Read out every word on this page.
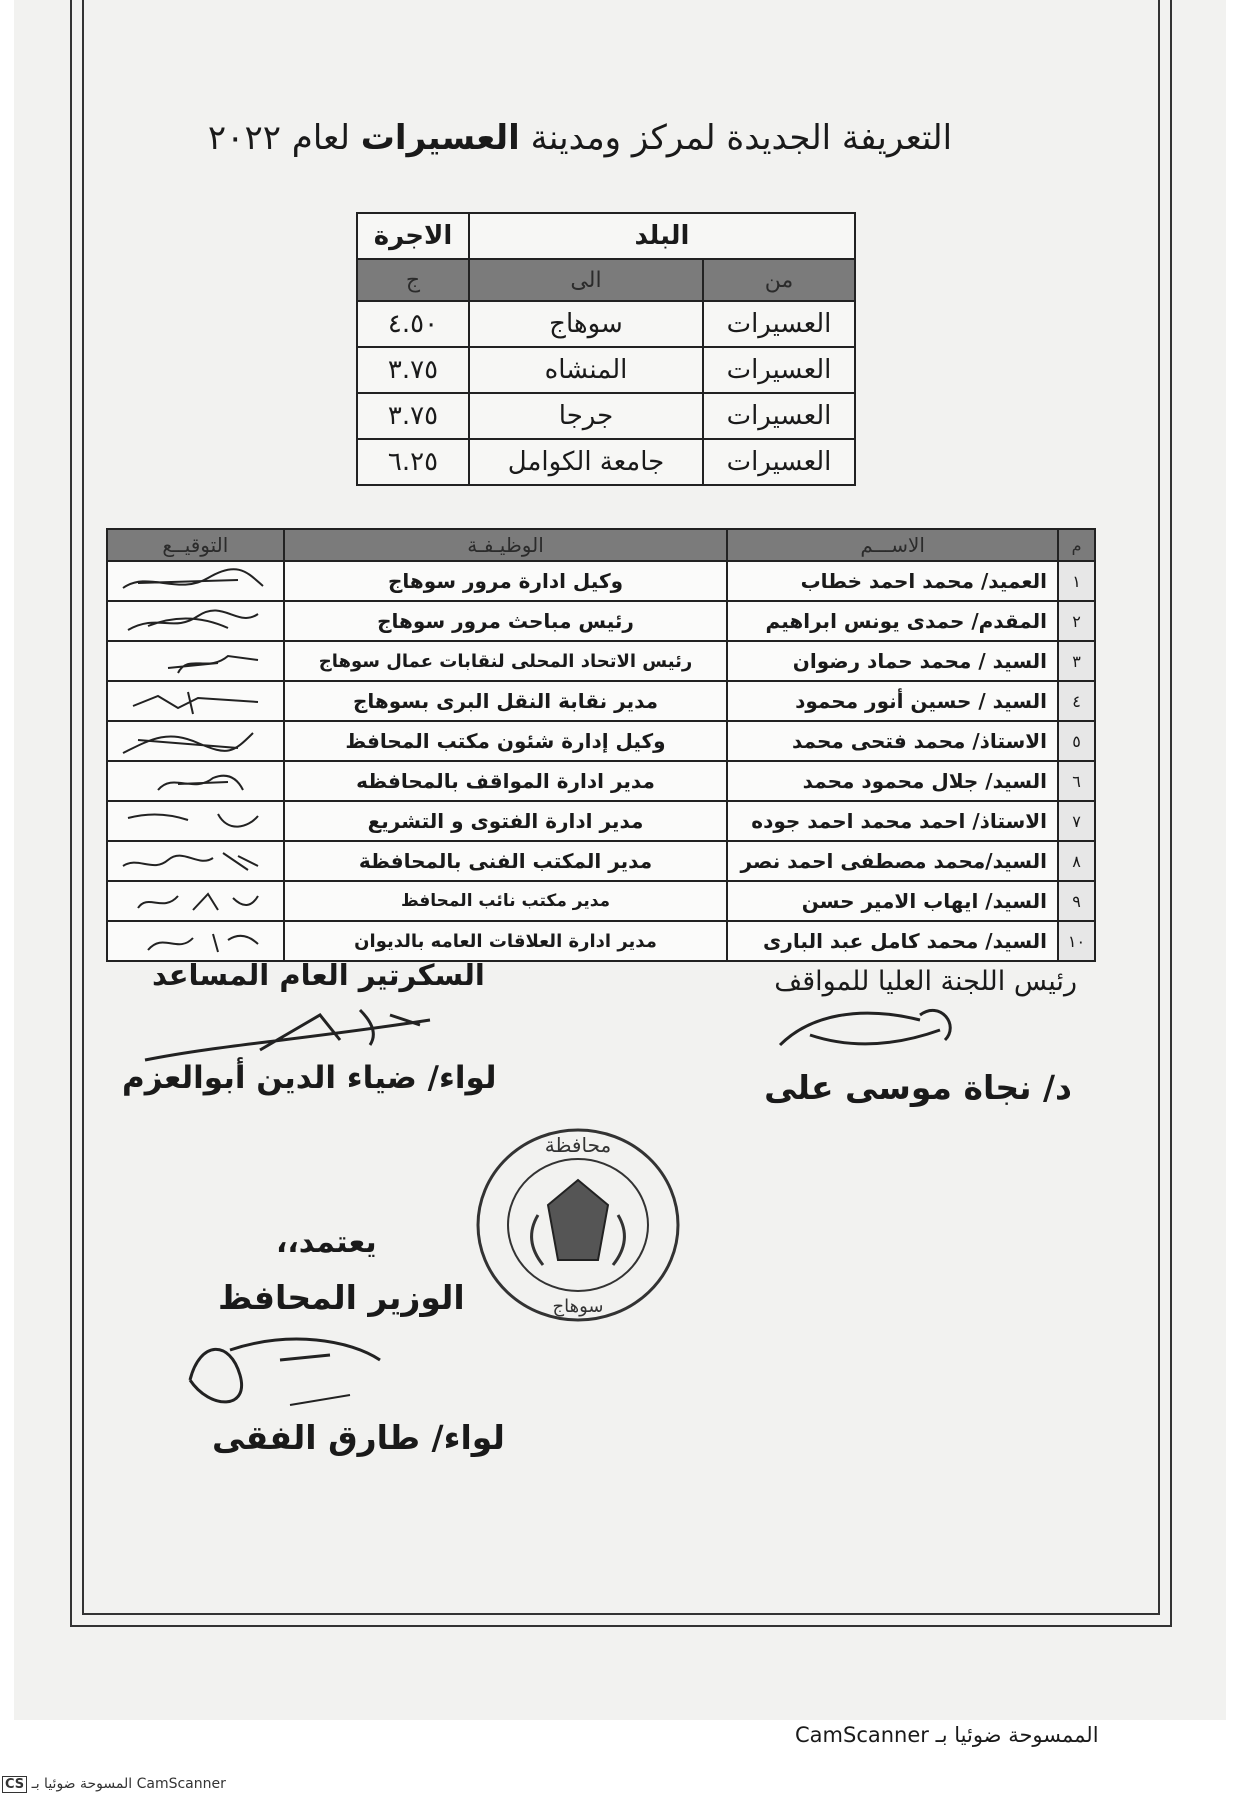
التعريفة الجديدة لمركز ومدينة العسيرات لعام ٢٠٢٢
البلد		الاجرة
من	الى	ج
العسيرات	سوهاج	٤.٥٠
العسيرات	المنشاه	٣.٧٥
العسيرات	جرجا	٣.٧٥
العسيرات	جامعة الكوامل	٦.٢٥
م	الاســـم	الوظيـفـة	التوقيــع
١	العميد/ محمد احمد خطاب	وكيل ادارة مرور سوهاج	

٢	المقدم/ حمدى يونس ابراهيم	رئيس مباحث مرور سوهاج	

٣	السيد / محمد حماد رضوان	رئيس الاتحاد المحلى لنقابات عمال سوهاج	

٤	السيد / حسين أنور محمود	مدير نقابة النقل البرى بسوهاج	

٥	الاستاذ/ محمد فتحى محمد	وكيل إدارة شئون مكتب المحافظ	

٦	السيد/ جلال محمود محمد	مدير ادارة المواقف بالمحافظه	

٧	الاستاذ/ احمد محمد احمد جوده	مدير ادارة الفتوى و التشريع	

٨	السيد/محمد مصطفى احمد نصر	مدير المكتب الفنى بالمحافظة	

٩	السيد/ ايهاب الامير حسن	مدير مكتب نائب المحافظ	

١٠	السيد/ محمد كامل عبد البارى	مدير ادارة العلاقات العامه بالديوان	
رئيس اللجنة العليا للمواقف
د/ نجاة موسى على
السكرتير العام المساعد
لواء/ ضياء الدين أبوالعزم
محافظة
سوهاج
يعتمد،،
الوزير المحافظ
لواء/ طارق الفقى
الممسوحة ضوئيا بـ CamScanner
CS المسوحة ضوئيا بـ CamScanner
